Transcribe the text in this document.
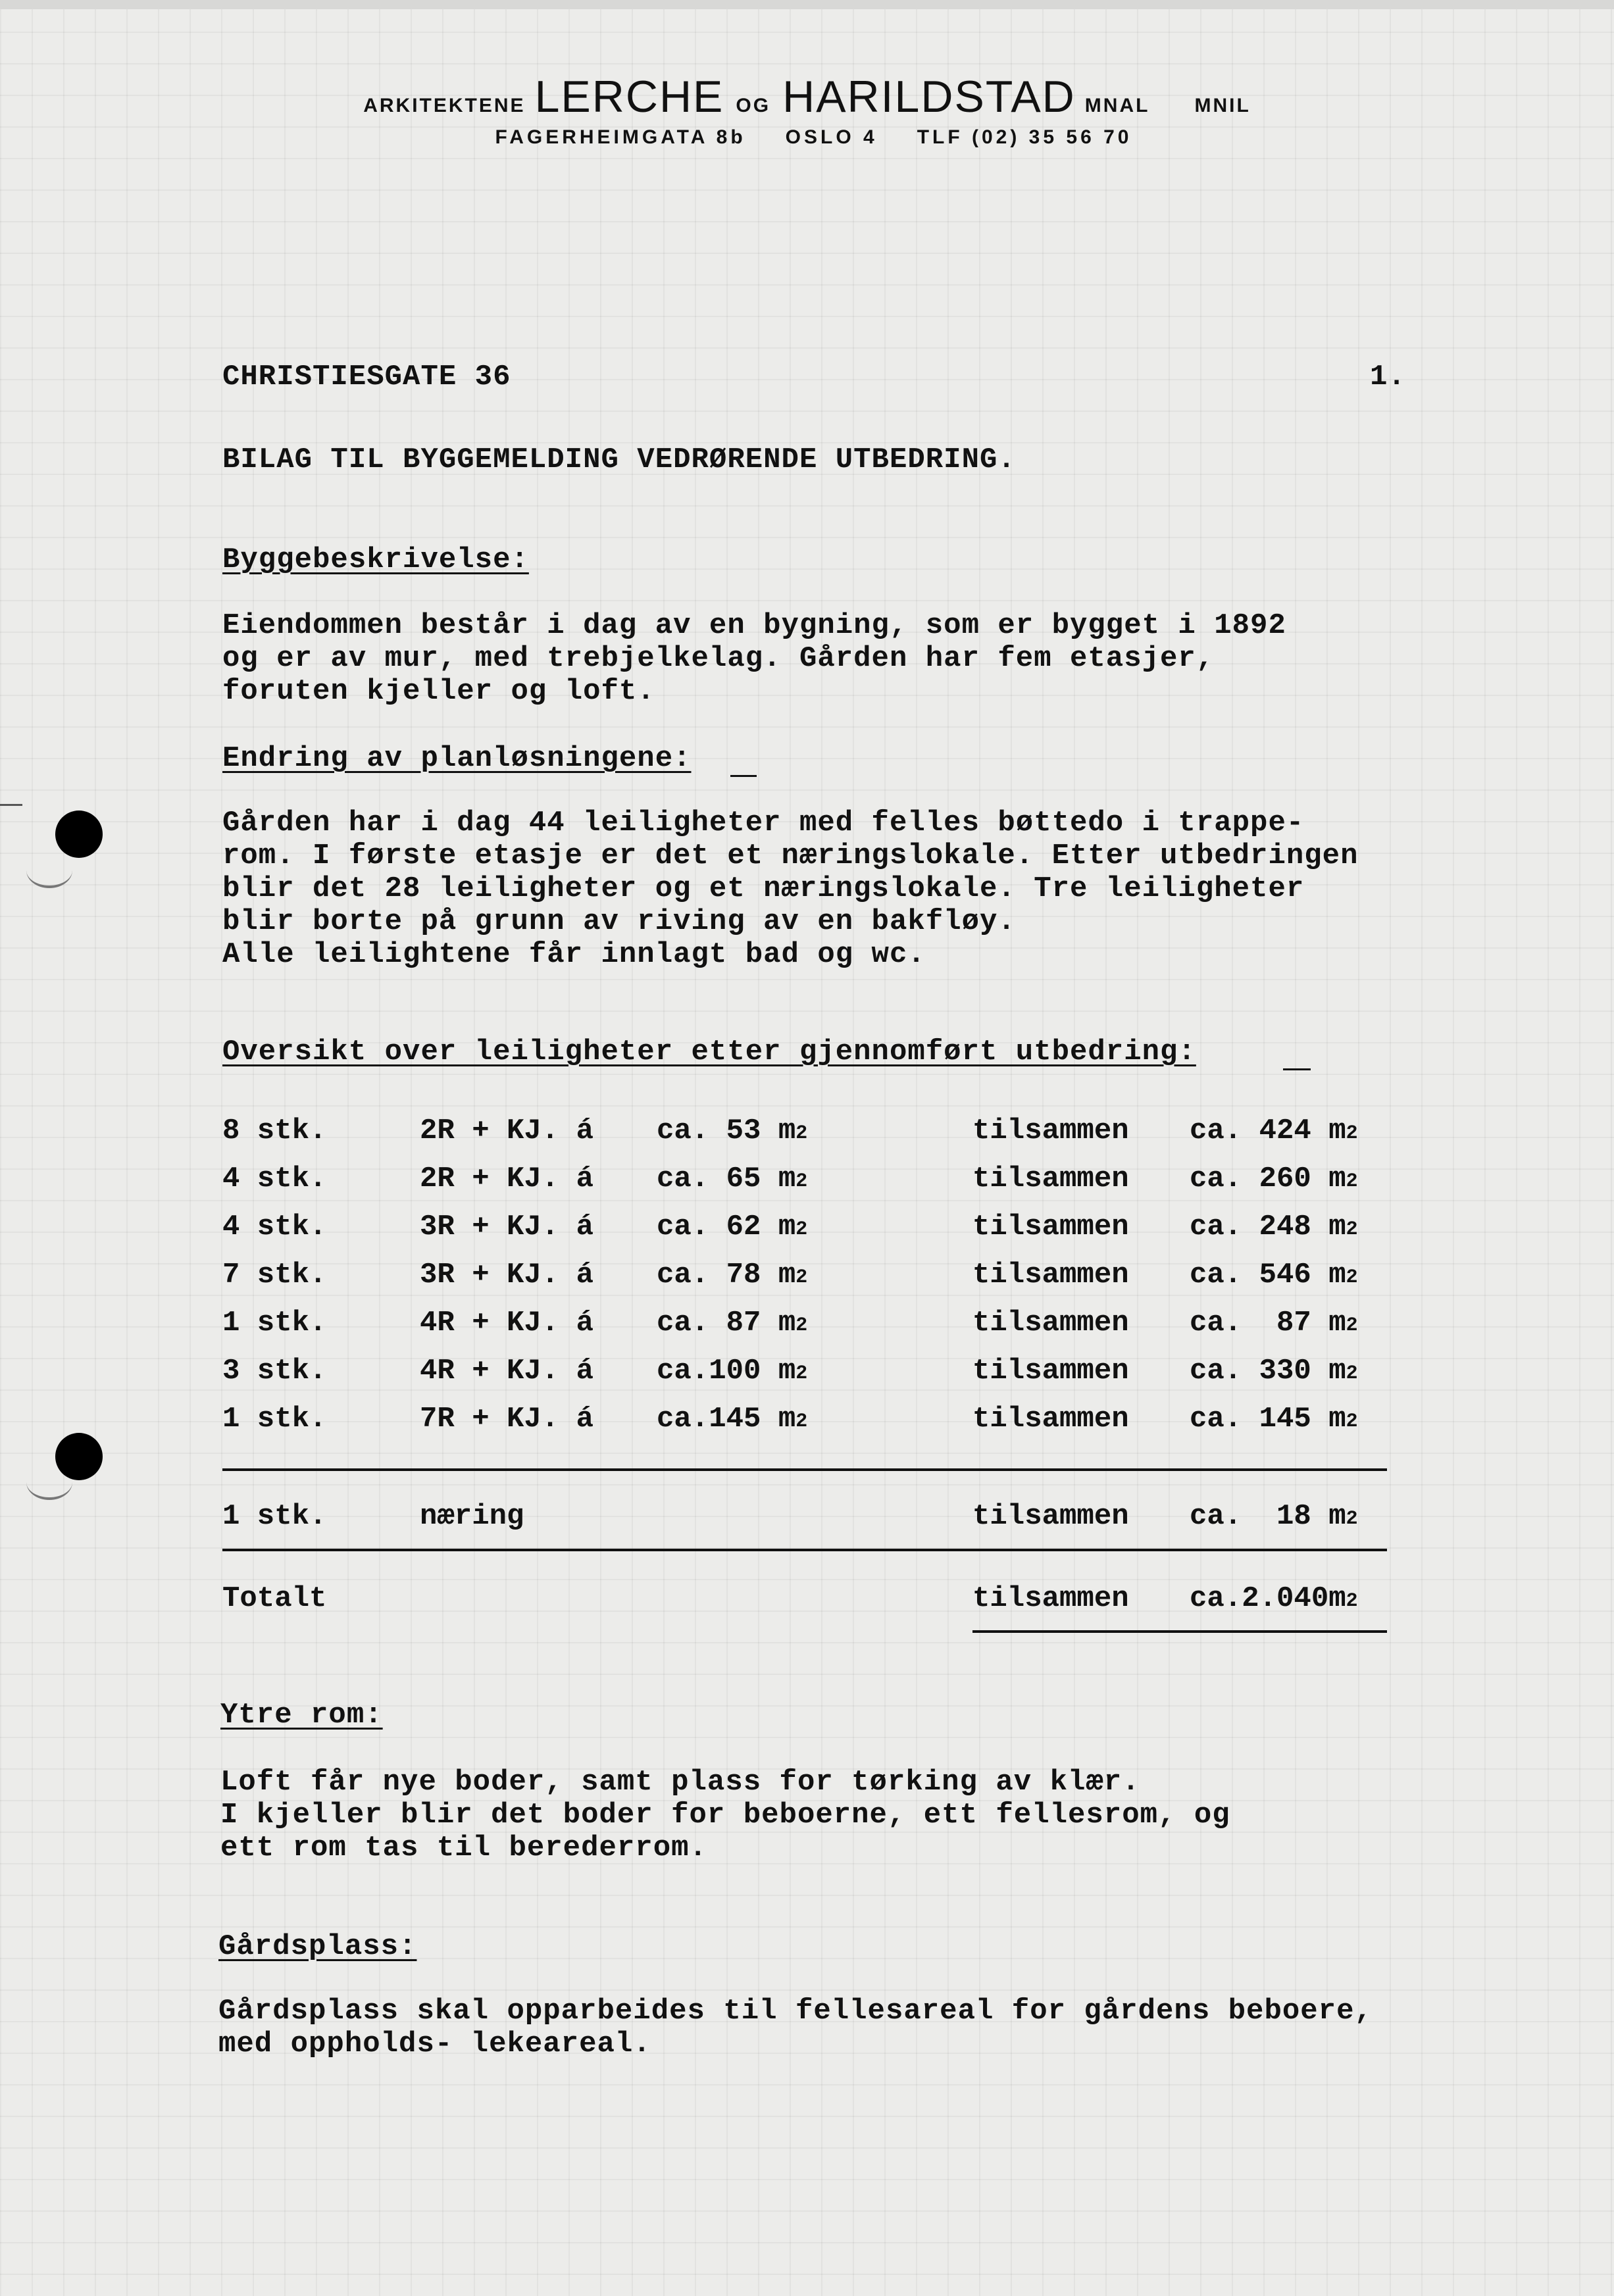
ARKITEKTENE LERCHE OG HARILDSTAD MNAL MNIL
FAGERHEIMGATA 8b OSLO 4 TLF (02) 35 56 70
CHRISTIESGATE 36	1.
BILAG TIL BYGGEMELDING VEDRØRENDE UTBEDRING.
Byggebeskrivelse:
Eiendommen består i dag av en bygning, som er bygget i 1892
og er av mur, med trebjelkelag. Gården har fem etasjer,
foruten kjeller og loft.
Endring av planløsningene:
Gården har i dag 44 leiligheter med felles bøttedo i trappe-
rom. I første etasje er det et næringslokale. Etter utbedringen
blir det 28 leiligheter og et næringslokale. Tre leiligheter
blir borte på grunn av riving av en bakfløy.
Alle leilightene får innlagt bad og wc.
Oversikt over leiligheter etter gjennomført utbedring:
8 stk.	2R + KJ. á ca. 53 m2	tilsammen ca. 424 m2
4 stk.	2R + KJ. á ca. 65 m2	tilsammen ca. 260 m2
4 stk.	3R + KJ. á ca. 62 m2	tilsammen ca. 248 m2
7 stk.	3R + KJ. á ca. 78 m2	tilsammen ca. 546 m2
1 stk.	4R + KJ. á ca. 87 m2	tilsammen ca.  87 m2
3 stk.	4R + KJ. á ca.100 m2	tilsammen ca. 330 m2
1 stk.	7R + KJ. á ca.145 m2	tilsammen ca. 145 m2
1 stk.	næring	tilsammen ca.  18 m2
Totalt	tilsammen ca.2.040m2
Ytre rom:
Loft får nye boder, samt plass for tørking av klær.
I kjeller blir det boder for beboerne, ett fellesrom, og
ett rom tas til berederrom.
Gårdsplass:
Gårdsplass skal opparbeides til fellesareal for gårdens beboere,
med oppholds- lekeareal.
